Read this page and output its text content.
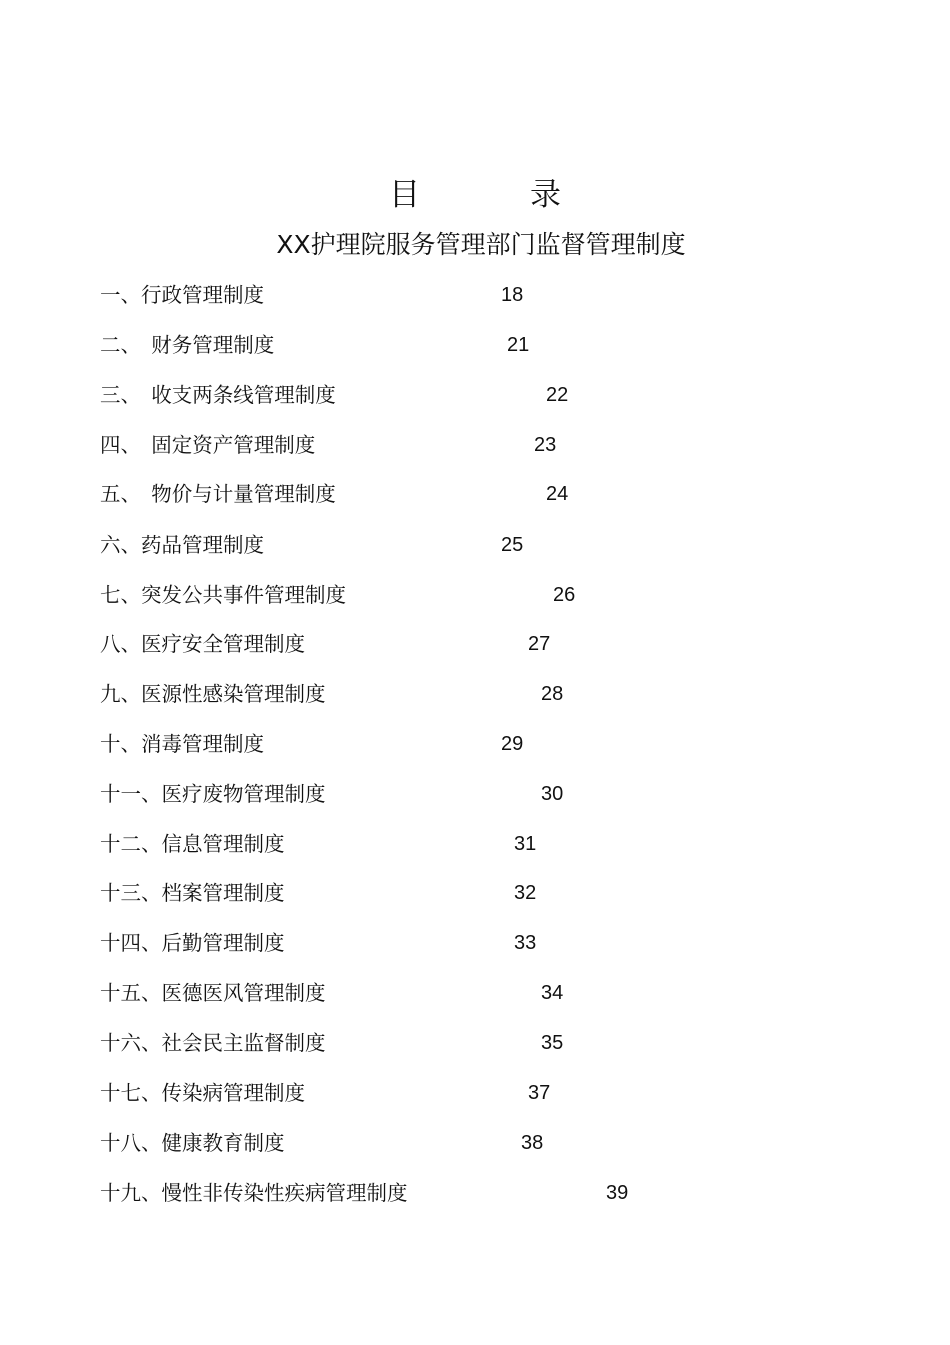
目	录
XX护理院服务管理部门监督管理制度
一、行政管理制度	18
二、　财务管理制度	21
三、　收支两条线管理制度	22
四、　固定资产管理制度	23
五、　物价与计量管理制度	24
六、药品管理制度	25
七、突发公共事件管理制度	26
八、医疗安全管理制度	27
九、医源性感染管理制度	28
十、消毒管理制度	29
十一、医疗废物管理制度	30
十二、信息管理制度	31
十三、档案管理制度	32
十四、后勤管理制度	33
十五、医德医风管理制度	34
十六、社会民主监督制度	35
十七、传染病管理制度	37
十八、健康教育制度	38
十九、慢性非传染性疾病管理制度	39
